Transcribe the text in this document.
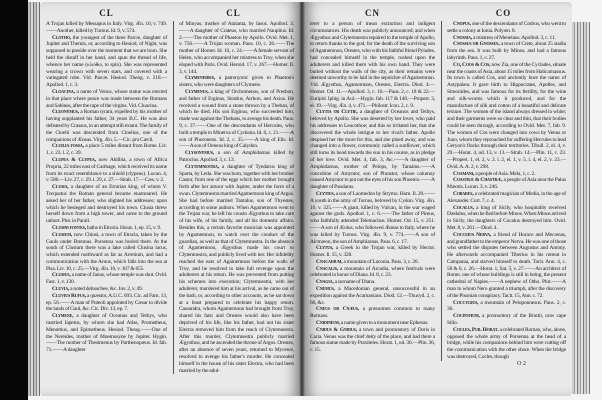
CL	CL

A Trojan killed by Messapus in Italy. Virg. Æn. 10, v. 749.——Another, killed by Turnus. Id. 9, v. 574.

Clotho, the youngest of the three Parcæ, daughter of Jupiter and Themis, or, according to Hesiod, of Night, was supposed to preside over the moment that we are born. She held the distaff in her hand, and spun the thread of life, whence her name (κλωθω, to spin). She was represented wearing a crown with seven stars, and covered with a variegated robe. Vid. Parcæ. Hesiod. Theog. v. 218.—Apollod. 1, c. 3.

Cloacina, a name of Venus, whose statue was erected in that place where peace was made between the Romans and Sabines, after the rape of the virgins. Vid. Cluacina.

Cleonymus, a Roman tyrant, expelled by his mother of having supplanted his father, 34 years B.C. He was also defeated by Crassus, in an attempt still extant. The family of the Cloelii was descended from Cloelius, one of the companions of Æneas. Virg. Æn. 5.—Cic. pro Cæcil.

Cluilia fossa, a place 5 miles distant from Rome. Liv. 1, c. 23. l. 2, c. 39.

Clupea & Clypea, now Aklibia, a town of Africa Propria, 22 miles east of Carthage, which received its name from its exact resemblance to a shield (clypeus). Lucan. 4, v. 586.—Liv. 27, c. 29. l. 29, c. 27.—Strab. 17.—Cæs. v. 2.

Clusia, a daughter of an Etrurian king, of whom V. Torquatus the Roman general became enamoured. He asked her of her father, who slighted his addresses; upon which he besieged and destroyed his town. Clusia threw herself down from a high tower, and came to the ground unhurt. Plut. in Parall.

Clusini fontes, baths in Etruria. Horat. 1, ep. 15, v. 9.

Clusium, now Chiusi, a town of Etruria, taken by the Gauls under Brennus. Porsenna was buried there. At the south of Clusium there was a lake called Clusina lacus, which extended northward as far as Arretium, and had a communication with the Arnus, which falls into the sea at Pisa. Liv. 10, c. 25.—Virg. Æn. 10, v. 167 & 655.

Clusius, a name of Janus, whose temple was shut. Ovid. Fast. 1, v. 130.

Cluvia, a noted debauchee, &c. Juv. 2, v. 49.

Cluvius Rufus, a quæstor, A.U.C. 693. Cic. ad Fam. 13, ep. 56.——A man of Puteoli appointed by Cæsar to divide the lands of Gaul, &c. Cic. Div. 13, ep. 7.

Clymene, a daughter of Oceanus and Tethys, who married Iapetus, by whom she had Atlas, Prometheus, Menœtius, and Epimetheus. Hesiod. Theog.——One of the Nereides, mother of Mnemosyne by Jupiter. Hygin.——The mother of Thesimenus by Parthenopæus. Id. fab. 71.——A daughter

of Minyas, mother of Atalanta, by Iasus. Apollod. 3.——A daughter of Crateus, who married Nauplius. Id. 2.——The mother of Phaeton by Apollo. Ovid. Met. 1, v. 756.——A Trojan woman. Paus. 10, c. 26.——The mother of Homer. Id. 10, c. 24.——A female servant of Helen, who accompanied her mistress to Troy, when she eloped with Paris. Ovid. Heroid. 17, v. 267.—Homer. Il. 3, v. 144.

Clymeneides, a patronymic given to Phaeton's sisters, who were daughters of Clymene.

Clymenus, a king of Orchomenos, son of Presbon, and father of Erginus, Stratius, Arrhon, and Axius. He received a wound from a stone thrown by a Theban, of which he died. His son Erginus, who succeeded him, made war against the Thebans, to avenge his death. Paus. 9, c. 37.——One of the descendants of Hercules, who built a temple to Minerva of Cydonia. Id. 6, c. 21.——A son of Phoroneus. Id. 2, c. 35.——A king of Elis. Id.——A son of Oeneus king of Calydon.

Clysonymus, a son of Amphidamas killed by Patroclus. Apollod. 3, c. 13.

Clytemnestra, a daughter of Tyndarus king of Sparta, by Leda. She was born, together with her brother Castor, from one of the eggs which her mother brought forth after her amour with Jupiter, under the form of a swan. Clytemnestra married Agamemnon king of Argos. She had before married Tantalus, son of Thyestes, according to some authors. When Agamemnon went to the Trojan war, he left his cousin Ægysthus to take care of his wife, of his family, and all his domestic affairs. Besides this, a certain favorite musician was appointed by Agamemnon, to watch over the conduct of the guardian, as well as that of Clytemnestra. In the absence of Agamemnon, Ægysthus made his court to Clytemnestra, and publicly lived with her. Her infidelity reached the ears of Agamemnon before the walls of Troy, and he resolved to take full revenge upon the adulterers at his return. He was prevented from putting his schemes into execution; Clytemnestra, with her adulterer, murdered him at his arrival, as he came out of the bath, or, according to other accounts, as he sat down at a feast prepared to celebrate his happy return. Cassandra, whom Agamemnon had brought from Troy, shared his fate; and Orestes would also have been deprived of his life, like his father, had not his sister Electra removed him from the reach of Clytemnestra. After this murder, Clytemnestra publicly married Ægysthus, and he ascended the throne of Argos. Orestes, after an absence of seven years, returned to Mycenæ, resolved to avenge his father's murder. He concealed himself in the house of his sister Electra, who had been married by the adul-

CN	CO

terer to a person of mean extraction and indigent circumstances. His death was publicly announced; and when Ægysthus and Clytemnestra repaired to the temple of Apollo, to return thanks to the god, for the death of the surviving son of Agamemnon, Orestes, who with his faithful friend Pylades, had concealed himself in the temple, rushed upon the adulterers and killed them with his own hand. They were buried without the walls of the city, as their remains were deemed unworthy to be laid in the sepulchre of Agamemnon. Vid. Ægysthus, Agamemnon, Orestes, Electra. Diod. 4.—Homer. Od. 11.—Apollod. 3, c. 10.—Paus. 2, c. 18 & 22.—Euripid. Iphig. in Aul.—Hygin. fab. 117 & 140.—Propert. 3, el. 19.—Virg. Æn. 4, v. 471.—Philostr. Icon. 2, c. 9.

Clytia or Clytie, a daughter of Oceanus and Tethys, beloved by Apollo. She was deserted by her lover, who paid his addresses to Leucothoe; and this so irritated her, that she discovered the whole intrigue to her rival's father. Apollo despised her the more for this, and she pined away, and was changed into a flower, commonly called a sunflower, which still turns its head towards the sun in his course, as in pledge of her love. Ovid. Met. 4, fab. 3, &c.——A daughter of Amphidamas, mother of Pelops, by Tantalus.——A concubine of Amyntor, son of Phrastor, whose calumny caused Amyntor to put out the eyes of his son Phoenix.——A daughter of Pandarus.

Clytius, a son of Laomedon by Strymo. Hom. Il. 20.——A youth in the army of Turnus, beloved by Cydon. Virg. Æn. 10, v. 325.——A giant, killed by Vulcan, in the war waged against the gods. Apollod. 1, c. 6.——The father of Pireus, who faithfully attended Telemachus. Homer. Od. 15, v. 251.——A son of Æolus, who followed Æneas to Italy, where he was killed by Turnus. Virg. Æn. 9, v. 774.——A son of Alcmæon, the son of Amphiaraus. Paus. 6, c. 17.

Clytus, a Greek in the Trojan war, killed by Hector. Homer. Il. 15, v. 328.

Cnacadium, a mountain of Laconia. Paus. 3, c. 20.

Cnacalis, a mountain of Arcadia, where festivals were celebrated in honor of Diana. Id. 8, c. 23.

Cnagia, a surname of Diana.

Cnemus, a Macedonian general, unsuccessful in an expedition against the Acarnanians. Diod. 12.—Thucyd. 2, c. 66, &c.

Cneus or Cnæus, a prænomen common to many Romans.

Cnidinium, a name given to a monument near Ephesus.

Cnidus & Gnidus, a town and promontory of Doris in Caria. Venus was the chief deity of the place, and had there a famous statue made by Praxiteles. Horat. 1, od. 30.—Plin. 36, c. 15.

Cnopus, one of the descendants of Codrus, who went to settle a colony at Ionia. Polyæn. 8.

Cnossia, a mistress of Menelaus. Apollod. 3, c. 11.

Cnossus or Gnossus, a town of Crete, about 25 stadia from the sea. It was built by Minos, and had a famous labyrinth. Paus. 1, c. 27.

Co, Coos & Cos, now Zia, one of the Cyclades, situate near the coasts of Asia, about 15 miles from Halicarnassus. Its town is called Cos, and anciently bore the name of Astypalæa. It gave birth to Hippocrates, Apelles, and Simonides, and was famous for its fertility, for the wine and silk-worms which it produced, and for the manufacture of silk and cotton of a beautiful and delicate texture. The women of the island always dressed in white; and their garments were so clear and thin, that their bodies could be seen through, according to Ovid. Met. 7, fab. 9. The women of Cos were changed into cows by Venus or Juno, whom they reproached for suffering Hercules to lead Geryon's flocks through their territories. Tibull. 2, el. 4, v. 29.—Horat. 4, od. 13, v. 13.—Strab. 14.—Plin. 11, c. 23.—Propert. 1, el. 2, v. 2. l. 2, el. 1, v. 5. l. 4, el. 2, v. 23.—Ovid. A. A. 2, v. 298.

Coamani, a people of Asia. Mela, 1, c. 2.

Coastræ & Chastræ, a people of Asia near the Palus Mæotis. Lucan. 3, v. 246.

Cobares, a celebrated magician of Media, in the age of Alexander. Curt. 7, c. 4.

Cocalus, a king of Sicily, who hospitably received Dædalus, when he fled before Minos. When Minos arrived in Sicily, the daughters of Cocalus destroyed him. Ovid. Met. 8, v. 261.—Diod. 4.

Cocceius Nerva, a friend of Horace and Mecænas, and grandfather to the emperor Nerva. He was one of those who settled the disputes between Augustus and Antony. He afterwards accompanied Tiberius in his retreat in Campania, and starved himself to death. Tacit. Ann. 4, c. 58 & 6, c. 26.—Horat. 1, Sat. 5, v. 27.——An architect of Rome, one of whose buildings is still in being, the present cathedral of Naples.——A nephew of Otho. Plut.——A man to whom Nero granted a triumph, after the discovery of the Pisonian conspiracy. Tacit. 15, Ann. c. 72.

Coccygius, a mountain of Peloponnesus. Paus. 2, c. 36.

Cocinthum, a promontory of the Bruttii, now cape Stilo.

Cocles, Pub. Horat. a celebrated Roman, who, alone, opposed the whole army of Porsenna at the head of a bridge, while his companions behind him were cutting off the communication with the other shore. When the bridge was destroyed, Cocles, though

O 2
